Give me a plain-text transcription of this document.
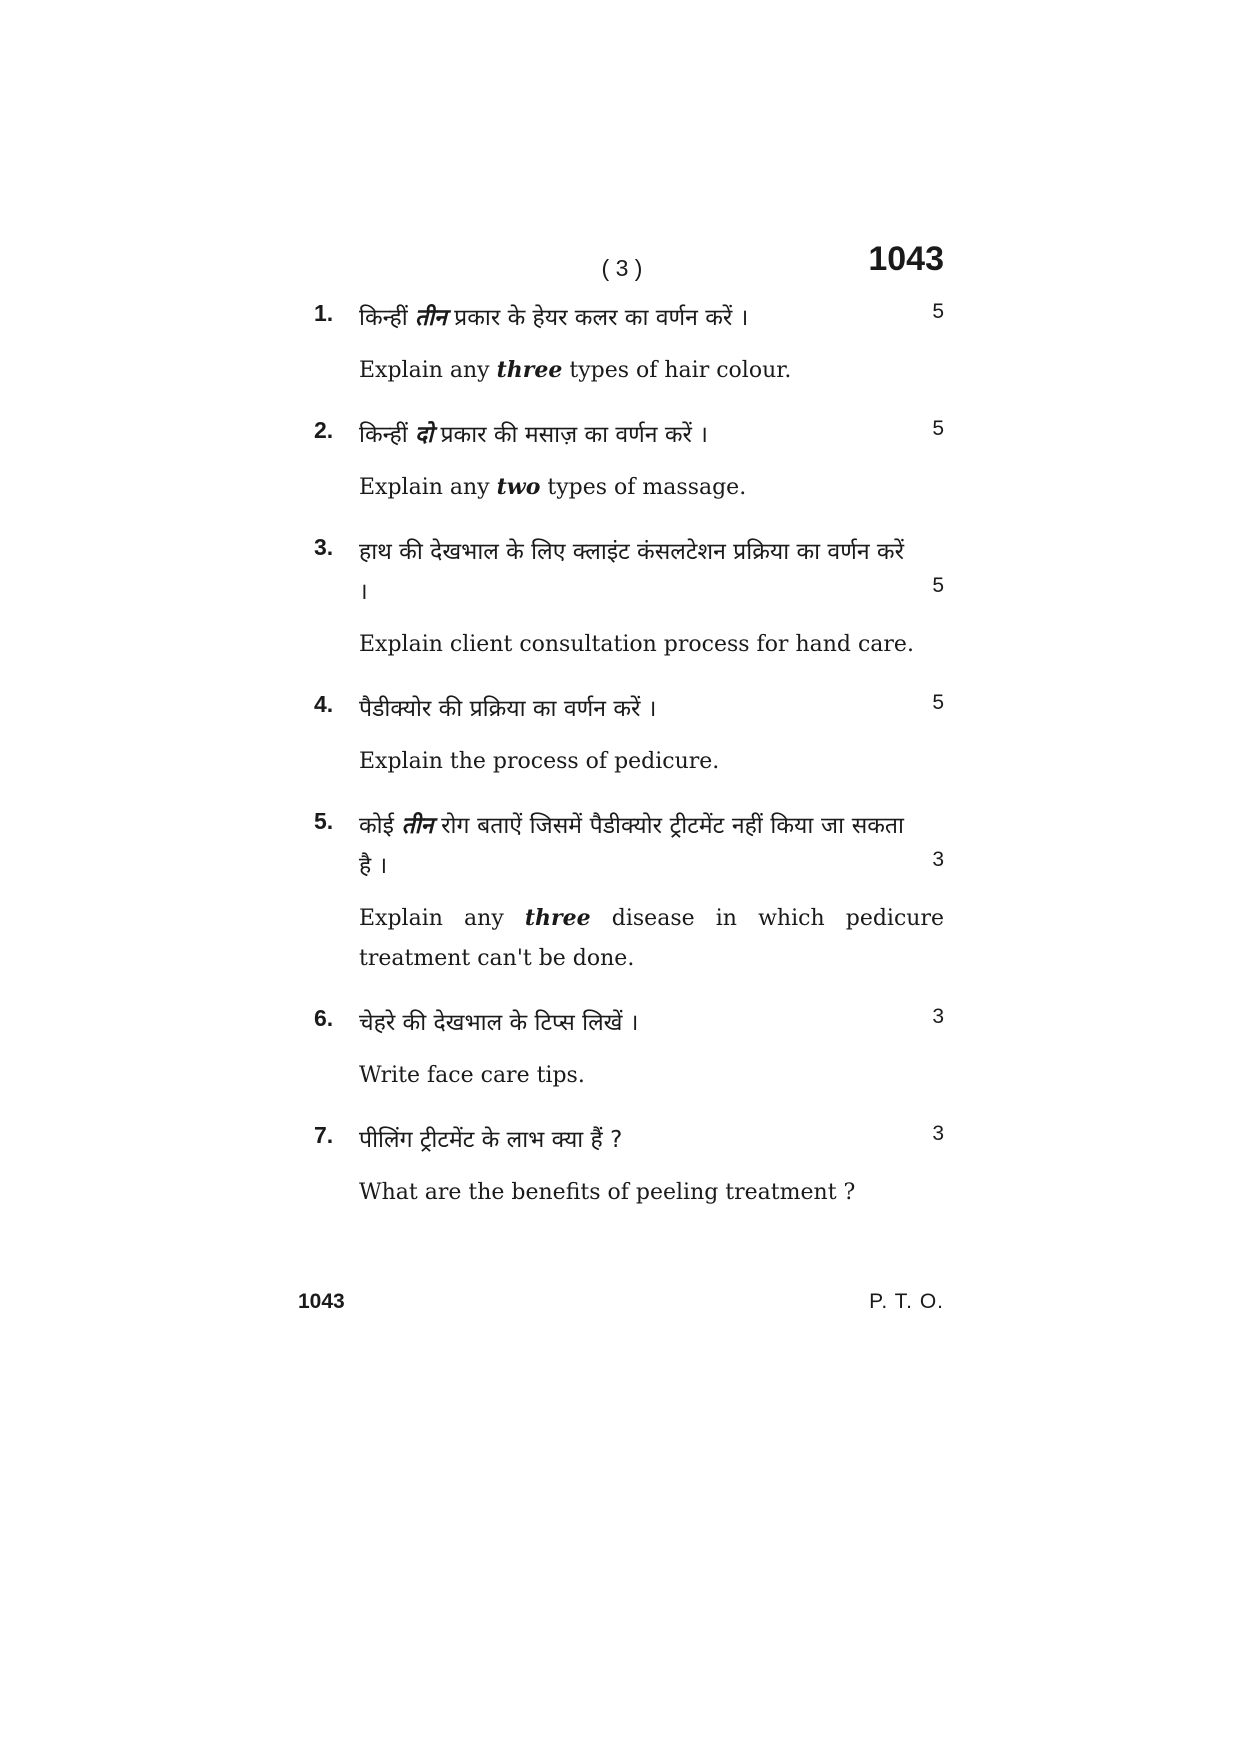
( 3 )	1043
1. किन्हीं तीन प्रकार के हेयर कलर का वर्णन करें ।	5
Explain any three types of hair colour.
2. किन्हीं दो प्रकार की मसाज़ का वर्णन करें ।	5
Explain any two types of massage.
3. हाथ की देखभाल के लिए क्लाइंट कंसलटेशन प्रक्रिया का वर्णन करें ।	5
Explain client consultation process for hand care.
4. पैडीक्योर की प्रक्रिया का वर्णन करें ।	5
Explain the process of pedicure.
5. कोई तीन रोग बताऐं जिसमें पैडीक्योर ट्रीटमेंट नहीं किया जा सकता है ।	3
Explain any three disease in which pedicure treatment can't be done.
6. चेहरे की देखभाल के टिप्स लिखें ।	3
Write face care tips.
7. पीलिंग ट्रीटमेंट के लाभ क्या हैं ?	3
What are the benefits of peeling treatment ?
1043	P. T. O.
